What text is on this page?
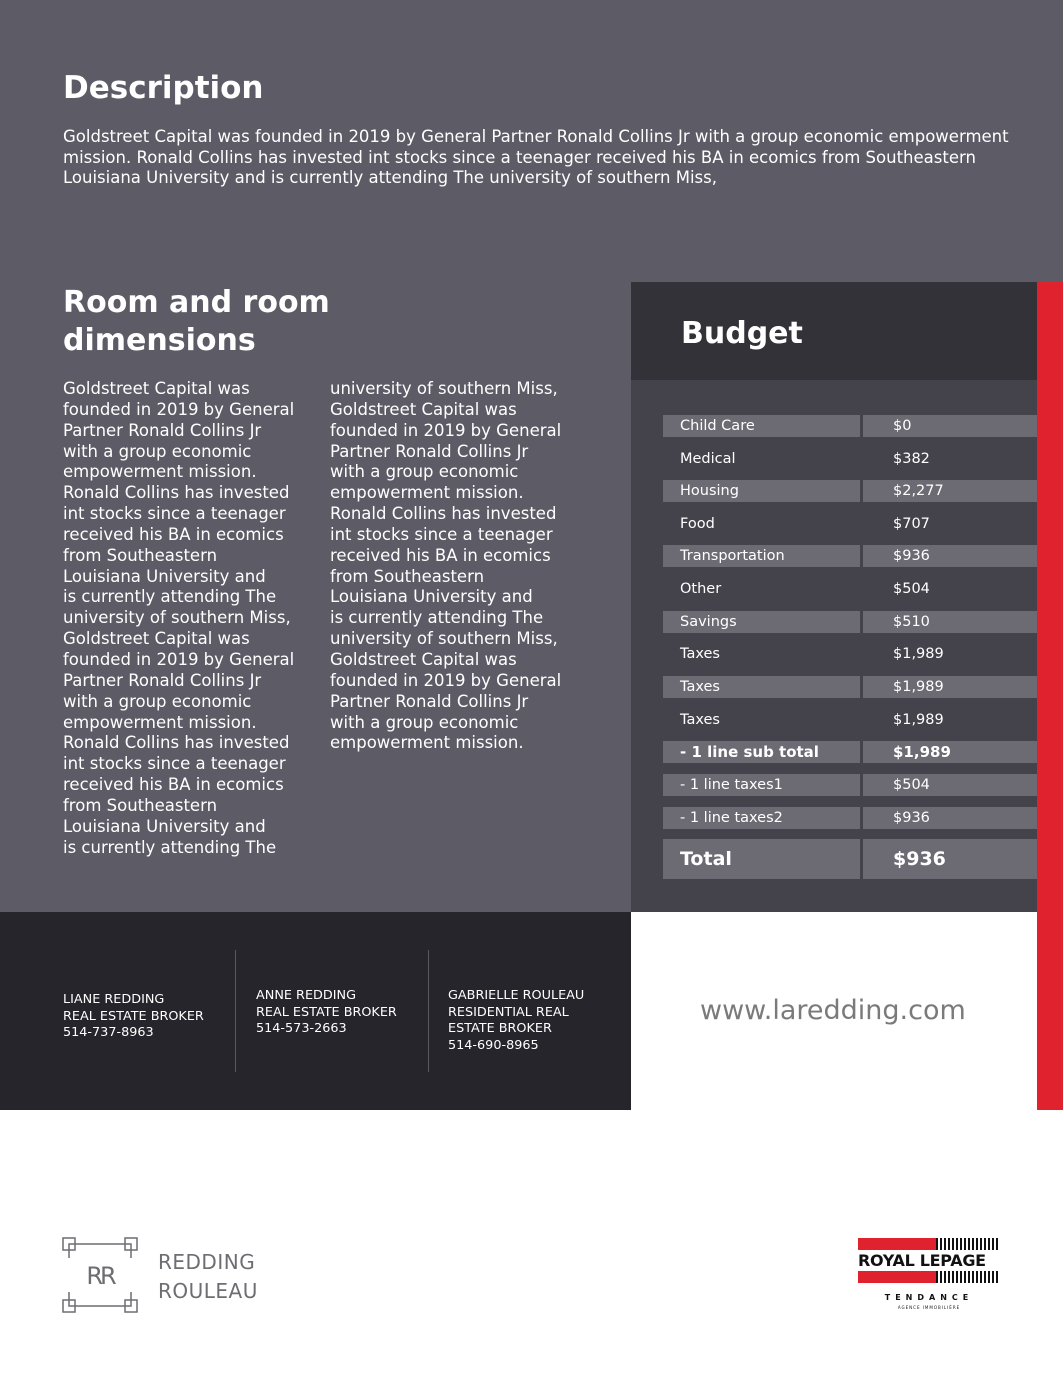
Description

Goldstreet Capital was founded in 2019 by General Partner Ronald Collins Jr with a group economic empowerment mission. Ronald Collins has invested int stocks since a teenager received his BA in ecomics from Southeastern Louisiana University and is currently attending The university of southern Miss,

Room and room dimensions

Goldstreet Capital was
founded in 2019 by General
Partner Ronald Collins Jr
with a group economic
empowerment mission.
Ronald Collins has invested
int stocks since a teenager
received his BA in ecomics
from Southeastern
Louisiana University and
is currently attending The
university of southern Miss,
Goldstreet Capital was
founded in 2019 by General
Partner Ronald Collins Jr
with a group economic
empowerment mission.
Ronald Collins has invested
int stocks since a teenager
received his BA in ecomics
from Southeastern
Louisiana University and
is currently attending The

university of southern Miss,
Goldstreet Capital was
founded in 2019 by General
Partner Ronald Collins Jr
with a group economic
empowerment mission.
Ronald Collins has invested
int stocks since a teenager
received his BA in ecomics
from Southeastern
Louisiana University and
is currently attending The
university of southern Miss,
Goldstreet Capital was
founded in 2019 by General
Partner Ronald Collins Jr
with a group economic
empowerment mission.

Budget
Child Care	$0
Medical	$382
Housing	$2,277
Food	$707
Transportation	$936
Other	$504
Savings	$510
Taxes	$1,989
Taxes	$1,989
Taxes	$1,989
- 1 line sub total	$1,989
- 1 line taxes1	$504
- 1 line taxes2	$936
Total	$936
LIANE REDDING
REAL ESTATE BROKER
514-737-8963
ANNE REDDING
REAL ESTATE BROKER
514-573-2663
GABRIELLE ROULEAU
RESIDENTIAL REAL
ESTATE BROKER
514-690-8965
www.laredding.com
RR REDDING
ROULEAU
ROYAL LEPAGE
TENDANCE
AGENCE IMMOBILIÈRE
